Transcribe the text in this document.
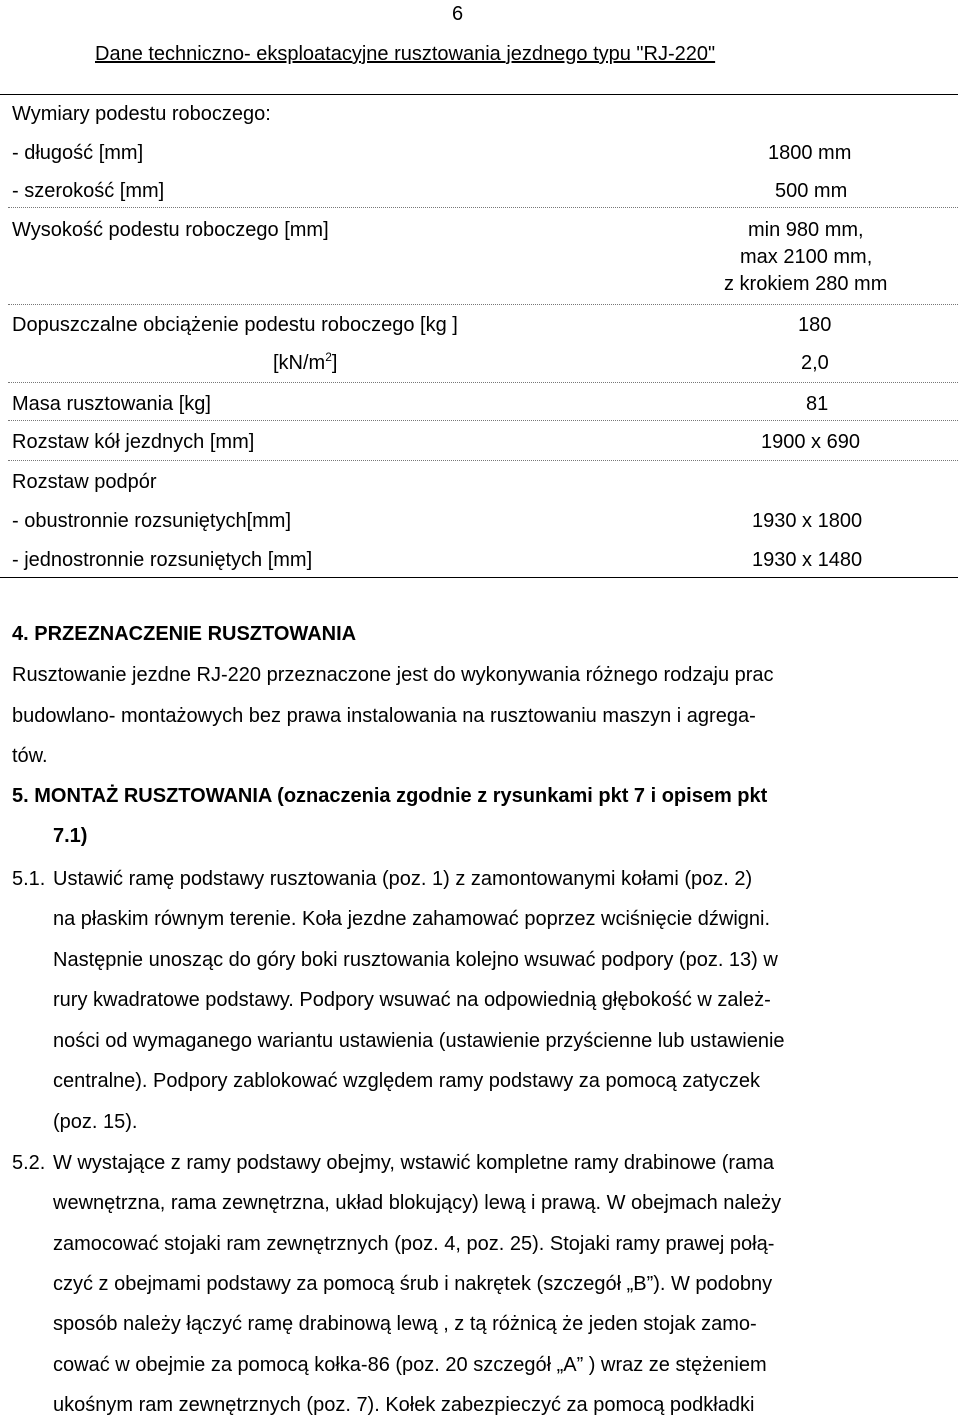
6
Dane techniczno- eksploatacyjne rusztowania jezdnego typu "RJ-220"
Wymiary podestu roboczego:
- długość [mm]	1800 mm
- szerokość [mm]	500 mm
Wysokość podestu roboczego [mm]	min 980 mm,
max 2100 mm,
z krokiem 280 mm
Dopuszczalne obciążenie podestu roboczego [kg ]	180
$[kN/m^2]$	2,0
Masa rusztowania [kg]	81
Rozstaw kół jezdnych [mm]	1900 x 690
Rozstaw podpór
- obustronnie rozsuniętych[mm]	1930 x 1800
- jednostronnie rozsuniętych [mm]	1930 x 1480
4. PRZEZNACZENIE RUSZTOWANIA
Rusztowanie jezdne RJ-220 przeznaczone jest do wykonywania różnego rodzaju prac
budowlano- montażowych bez prawa instalowania na rusztowaniu maszyn i agrega-
tów.
5. MONTAŻ RUSZTOWANIA (oznaczenia zgodnie z rysunkami pkt 7 i opisem pkt
7.1)
5.1. Ustawić ramę podstawy rusztowania (poz. 1) z zamontowanymi kołami (poz. 2)
na płaskim równym terenie. Koła jezdne zahamować poprzez wciśnięcie dźwigni.
Następnie unosząc do góry boki rusztowania kolejno wsuwać podpory (poz. 13) w
rury kwadratowe podstawy. Podpory wsuwać na odpowiednią głębokość w zależ-
ności od wymaganego wariantu ustawienia (ustawienie przyścienne lub ustawienie
centralne). Podpory zablokować względem ramy podstawy za pomocą zatyczek
(poz. 15).
5.2. W wystające z ramy podstawy obejmy, wstawić kompletne ramy drabinowe (rama
wewnętrzna, rama zewnętrzna, układ blokujący) lewą i prawą. W obejmach należy
zamocować stojaki ram zewnętrznych (poz. 4, poz. 25). Stojaki ramy prawej połą-
czyć z obejmami podstawy za pomocą śrub i nakrętek (szczegół „B”). W podobny
sposób należy łączyć ramę drabinową lewą , z tą różnicą że jeden stojak zamo-
cować w obejmie za pomocą kołka-86 (poz. 20 szczegół „A” ) wraz ze stężeniem
ukośnym ram zewnętrznych (poz. 7). Kołek zabezpieczyć za pomocą podkładki
